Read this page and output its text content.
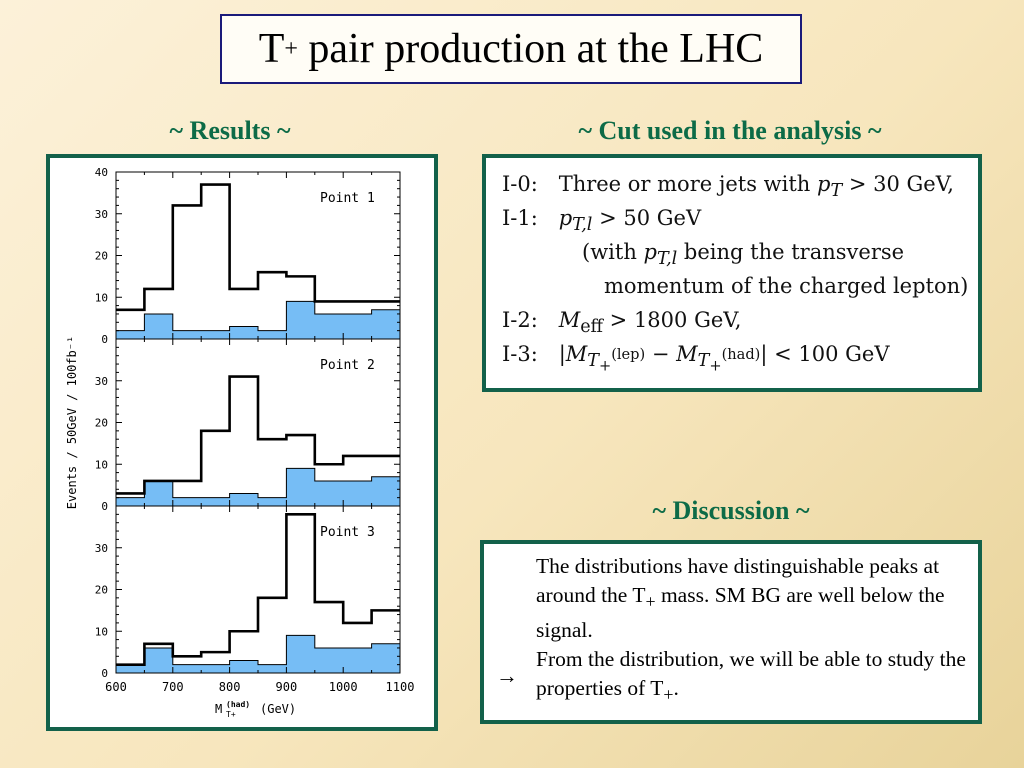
T + pair production at the LHC
~ Results ~	~ Cut used in the analysis ~
~ Discussion ~
0
10
20
30
40
Point 1
0
10
20
30
Point 2
0
10
20
30
Point 3
600	700	800	900	1000 1100
M (had)
T+ (GeV)
Events / 50GeV / 100fb⁻¹
I-0: Three or more jets with $p_T > 30$ GeV,
I-1: $p_{T,l} > 50$ GeV
(with $p_{T,l}$ being the transverse
momentum of the charged lepton)
I-2: $M_{eff} > 1800$ GeV,
I-3: $|M_{T_+^{(lep)}} - M_{T_+^{(had)}}| < 100$ GeV
The distributions have distinguishable peaks at around the $T_+$ mass. SM BG are well below the signal.
From the distribution, we will be able to study the properties of $T_+$.
→
